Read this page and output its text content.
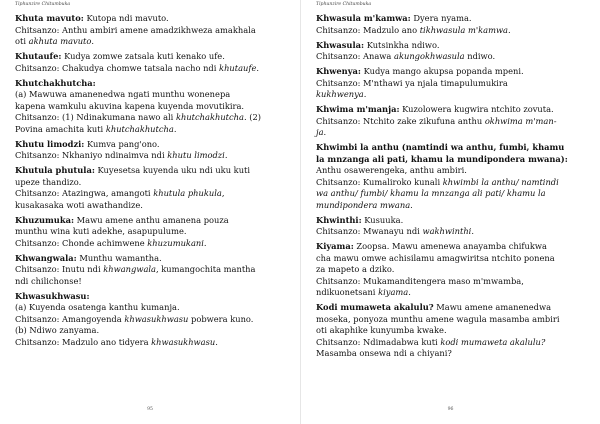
Tiphunzire Chitumbuka
Khuta mavuto: Kutopa ndi mavuto.
Chitsanzo: Anthu ambiri amene amadzikhweza amakhala
oti akhuta mavuto.
Khutaufe: Kudya zomwe zatsala kuti kenako ufe.
Chitsanzo: Chakudya chomwe tatsala nacho ndi khutaufe.
Khutchakhutcha:
(a) Mawuwa amanenedwa ngati munthu wonenepa
kapena wamkulu akuvina kapena kuyenda movutikira.
Chitsanzo: (1) Ndinakumana nawo ali khutchakhutcha. (2)
Povina amachita kuti khutchakhutcha.
Khutu limodzi: Kumva pang'ono.
Chitsanzo: Nkhaniyo ndinaimva ndi khutu limodzi.
Khutula phutula: Kuyesetsa kuyenda uku ndi uku kuti
upeze thandizo.
Chitsanzo: Atazingwa, amangoti khutula phukula,
kusakasaka woti awathandize.
Khuzumuka: Mawu amene anthu amanena pouza
munthu wina kuti adekhe, asapupulume.
Chitsanzo: Chonde achimwene khuzumukani.
Khwangwala: Munthu wamantha.
Chitsanzo: Inutu ndi khwangwala, kumangochita mantha
ndi chilichonse!
Khwasukhwasu:
(a) Kuyenda osatenga kanthu kumanja.
Chitsanzo: Amangoyenda khwasukhwasu pobwera kuno.
(b) Ndiwo zanyama.
Chitsanzo: Madzulo ano tidyera khwasukhwasu.
95
Tiphunzire Chitumbuka
Khwasula m'kamwa: Dyera nyama.
Chitsanzo: Madzulo ano tikhwasula m'kamwa.
Khwasula: Kutsinkha ndiwo.
Chitsanzo: Anawa akungokhwasula ndiwo.
Khwenya: Kudya mango akupsa popanda mpeni.
Chitsanzo: M'nthawi ya njala timapulumukira
kukhwenya.
Khwima m'manja: Kuzolowera kugwira ntchito zovuta.
Chitsanzo: Ntchito zake zikufuna anthu okhwima m'man-
ja.
Khwimbi la anthu (namtindi wa anthu, fumbi, khamu
la mnzanga ali pati, khamu la mundipondera mwana):
Anthu osawerengeka, anthu ambiri.
Chitsanzo: Kumaliroko kunali khwimbi la anthu/ namtindi
wa anthu/ fumbi/ khamu la mnzanga ali pati/ khamu la
mundipondera mwana.
Khwinthi: Kusuuka.
Chitsanzo: Mwanayu ndi wakhwinthi.
Kiyama: Zoopsa. Mawu amenewa anayamba chifukwa
cha mawu omwe achisilamu amagwiritsa ntchito ponena
za mapeto a dziko.
Chitsanzo: Mukamanditengera maso m'mwamba,
ndikuonetsani kiyama.
Kodi mumaweta akalulu? Mawu amene amanenedwa
moseka, ponyoza munthu amene wagula masamba ambiri
oti akaphike kunyumba kwake.
Chitsanzo: Ndimadabwa kuti kodi mumaweta akalulu?
Masamba onsewa ndi a chiyani?
96
